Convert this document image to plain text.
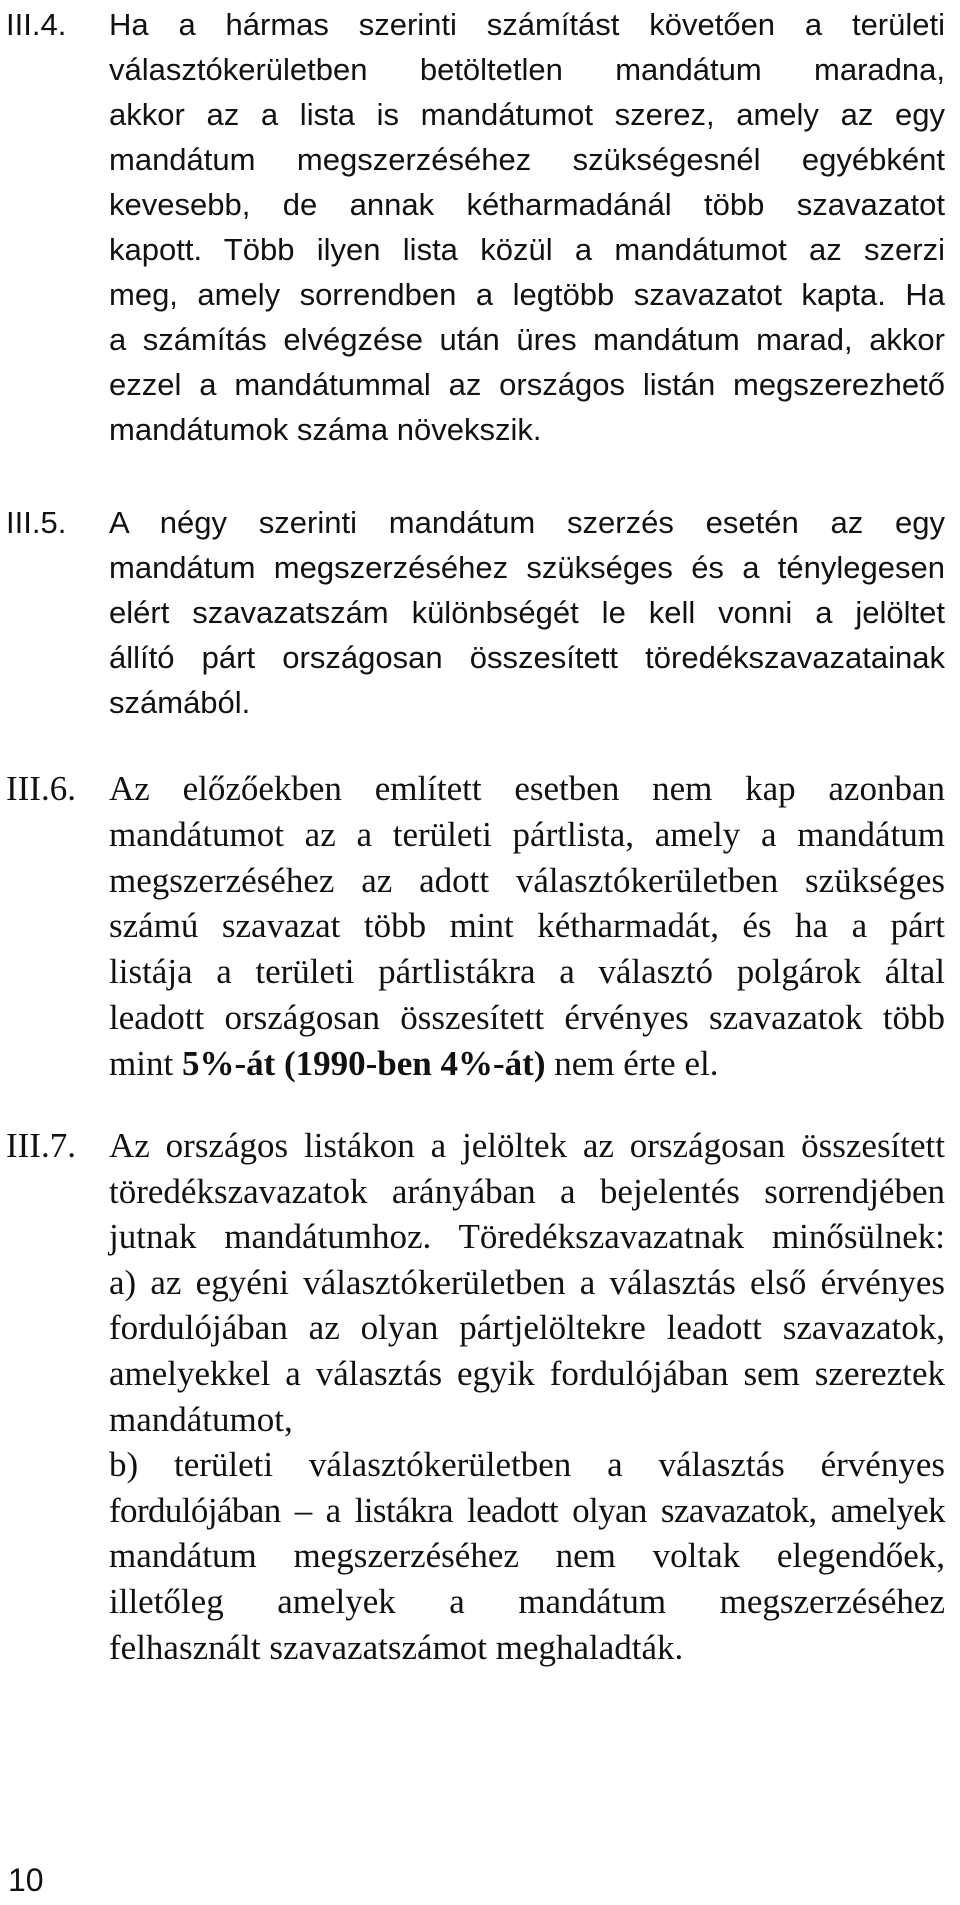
III.4. Ha a hármas szerinti számítást követően a területi
választókerületben betöltetlen mandátum maradna,
akkor az a lista is mandátumot szerez, amely az egy
mandátum megszerzéséhez szükségesnél egyébként
kevesebb, de annak kétharmadánál több szavazatot
kapott. Több ilyen lista közül a mandátumot az szerzi
meg, amely sorrendben a legtöbb szavazatot kapta. Ha
a számítás elvégzése után üres mandátum marad, akkor
ezzel a mandátummal az országos listán megszerezhető
mandátumok száma növekszik.
III.5. A négy szerinti mandátum szerzés esetén az egy
mandátum megszerzéséhez szükséges és a ténylegesen
elért szavazatszám különbségét le kell vonni a jelöltet
állító párt országosan összesített töredékszavazatainak
számából.
III.6. Az előzőekben említett esetben nem kap azonban
mandátumot az a területi pártlista, amely a mandátum
megszerzéséhez az adott választókerületben szükséges
számú szavazat több mint kétharmadát, és ha a párt
listája a területi pártlistákra a választó polgárok által
leadott országosan összesített érvényes szavazatok több
mint 5%-át (1990-ben 4%-át) nem érte el.
III.7. Az országos listákon a jelöltek az országosan összesített
töredékszavazatok arányában a bejelentés sorrendjében
jutnak mandátumhoz. Töredékszavazatnak minősülnek:
a) az egyéni választókerületben a választás első érvényes
fordulójában az olyan pártjelöltekre leadott szavazatok,
amelyekkel a választás egyik fordulójában sem szereztek
mandátumot,
b) területi választókerületben a választás érvényes
fordulójában – a listákra leadott olyan szavazatok, amelyek
mandátum megszerzéséhez nem voltak elegendőek,
illetőleg amelyek a mandátum megszerzéséhez
felhasznált szavazatszámot meghaladták.
10
